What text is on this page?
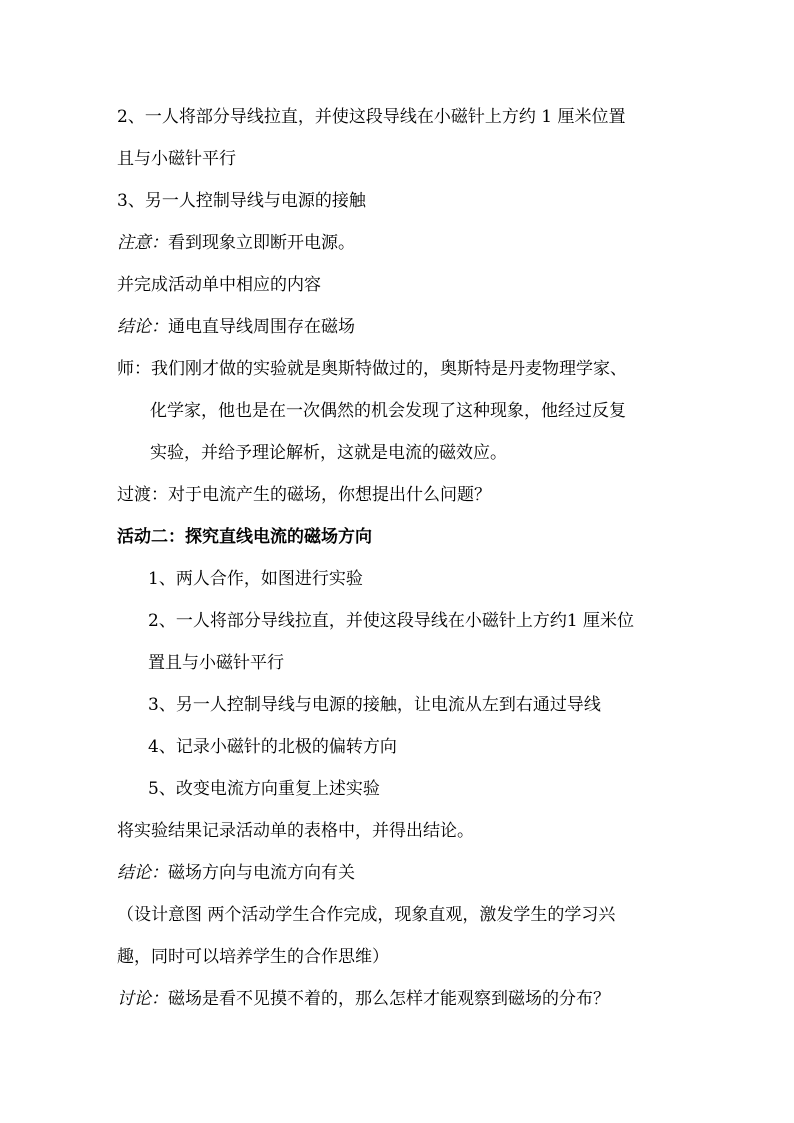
2、一人将部分导线拉直，并使这段导线在小磁针上方约 1 厘米位置
且与小磁针平行
3、另一人控制导线与电源的接触
注意：看到现象立即断开电源。
并完成活动单中相应的内容
结论：通电直导线周围存在磁场
师：我们刚才做的实验就是奥斯特做过的，奥斯特是丹麦物理学家、
化学家，他也是在一次偶然的机会发现了这种现象，他经过反复
实验，并给予理论解析，这就是电流的磁效应。
过渡：对于电流产生的磁场，你想提出什么问题？
活动二：探究直线电流的磁场方向
1、两人合作，如图进行实验
2、一人将部分导线拉直，并使这段导线在小磁针上方约1 厘米位
置且与小磁针平行
3、另一人控制导线与电源的接触，让电流从左到右通过导线
4、记录小磁针的北极的偏转方向
5、改变电流方向重复上述实验
将实验结果记录活动单的表格中，并得出结论。
结论：磁场方向与电流方向有关
（设计意图 两个活动学生合作完成，现象直观，激发学生的学习兴
趣，同时可以培养学生的合作思维）
讨论：磁场是看不见摸不着的，那么怎样才能观察到磁场的分布？
